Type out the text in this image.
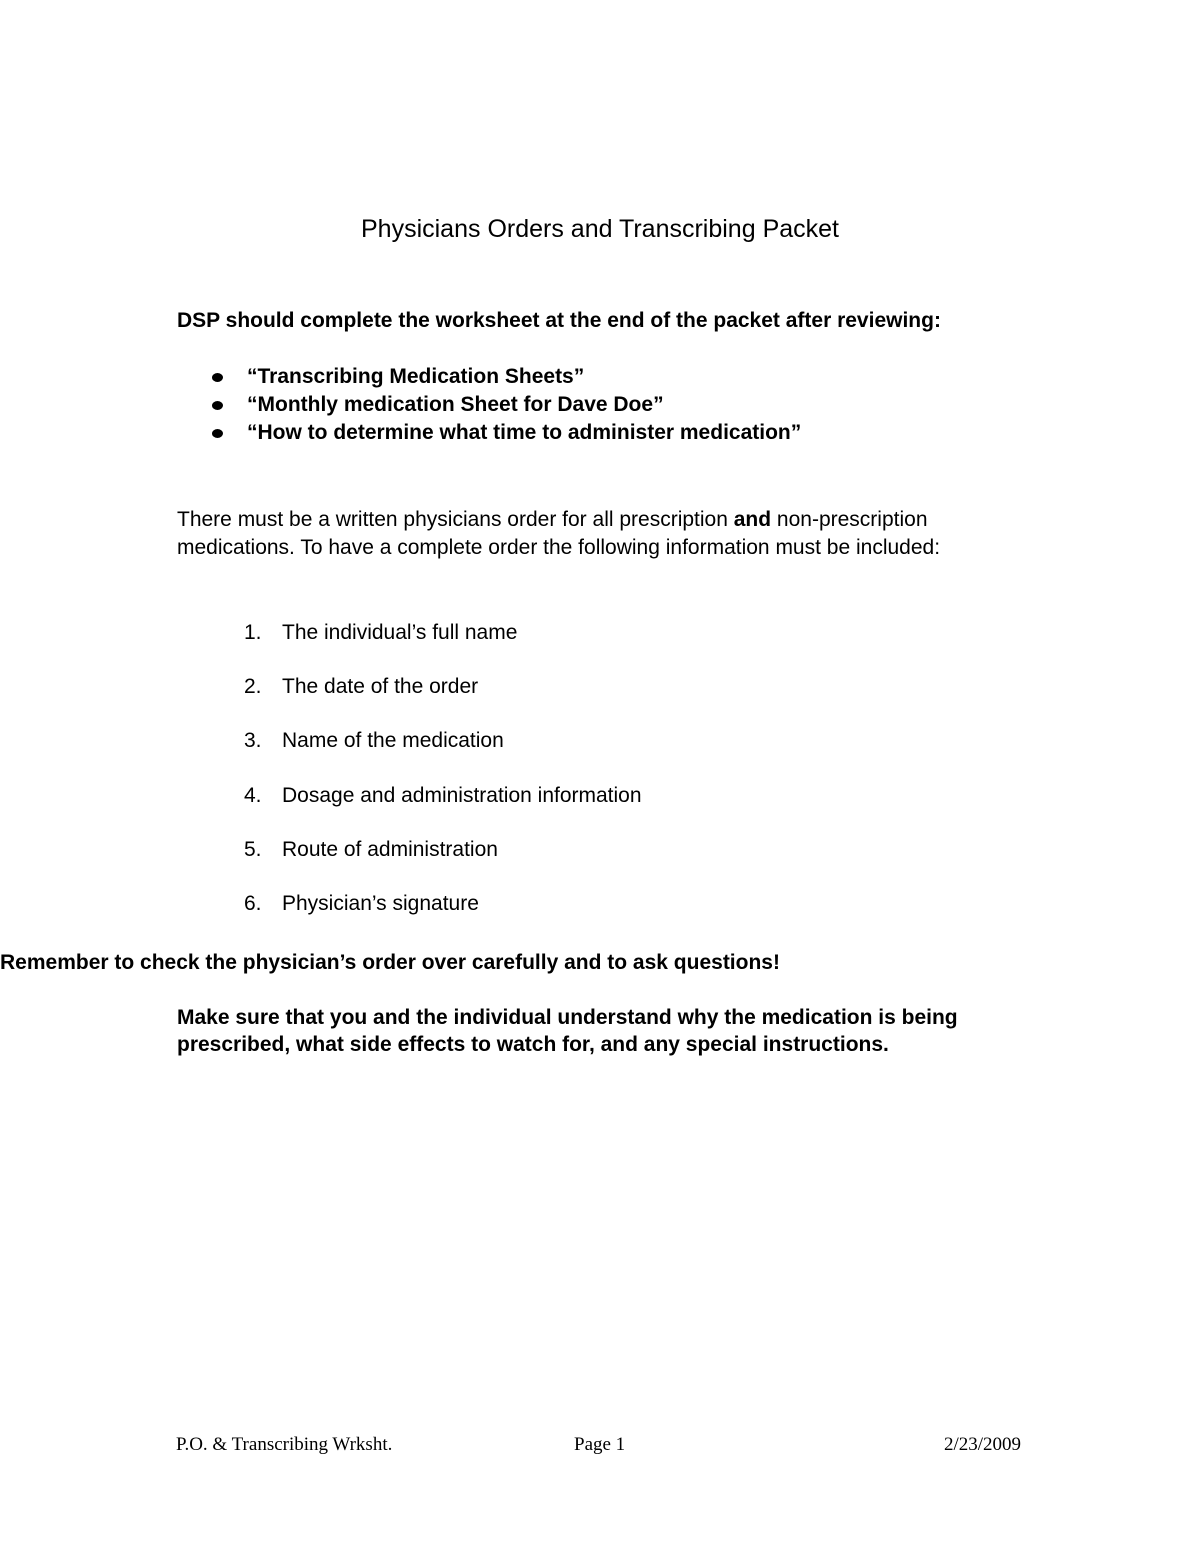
Physicians Orders and Transcribing Packet

DSP should complete the worksheet at the end of the packet after reviewing:

“Transcribing Medication Sheets”
“Monthly medication Sheet for Dave Doe”
“How to determine what time to administer medication”

There must be a written physicians order for all prescription and non-prescription medications. To have a complete order the following information must be included:

1. The individual’s full name
2. The date of the order
3. Name of the medication
4. Dosage and administration information
5. Route of administration
6. Physician’s signature

Remember to check the physician’s order over carefully and to ask questions!

Make sure that you and the individual understand why the medication is being prescribed, what side effects to watch for, and any special instructions.

P.O. & Transcribing Wrksht.	Page 1	2/23/2009
